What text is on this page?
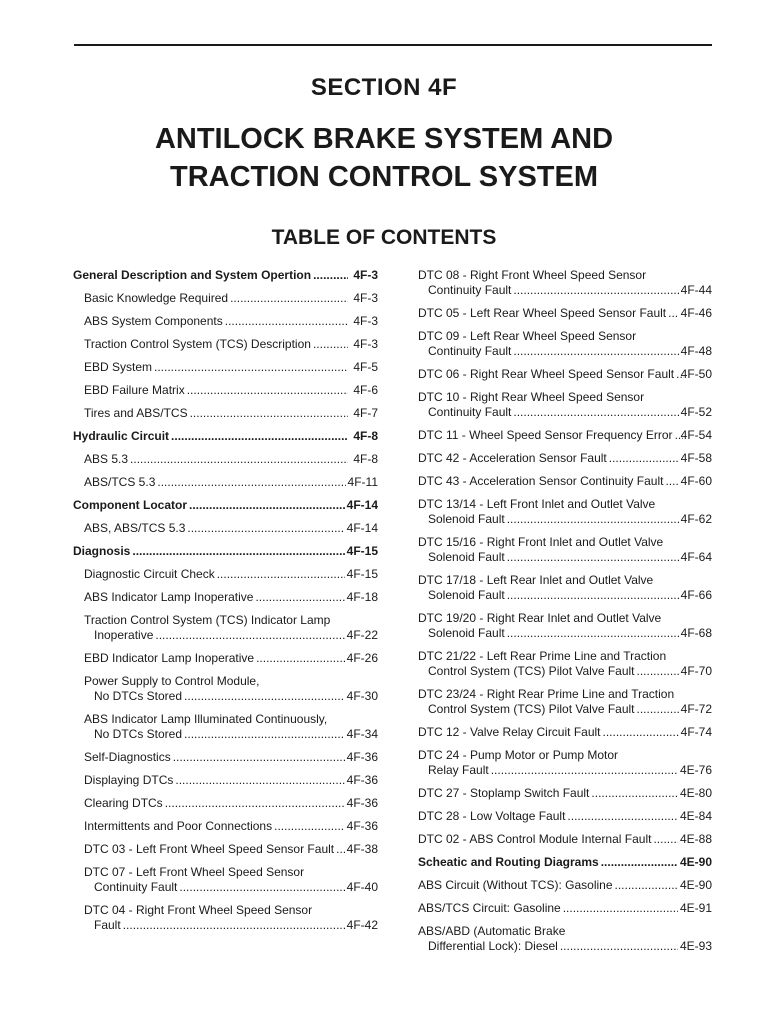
SECTION 4F
ANTILOCK BRAKE SYSTEM AND
TRACTION CONTROL SYSTEM
TABLE OF CONTENTS
General Description and System Opertion .....	4F-3
Basic Knowledge Required .....	4F-3
ABS System Components .....	4F-3
Traction Control System (TCS) Description .....	4F-3
EBD System .....	4F-5
EBD Failure Matrix .....	4F-6
Tires and ABS/TCS .....	4F-7
Hydraulic Circuit .....	4F-8
ABS 5.3 .....	4F-8
ABS/TCS 5.3 .....	4F-11
Component Locator .....	4F-14
ABS, ABS/TCS 5.3 .....	4F-14
Diagnosis .....	4F-15
Diagnostic Circuit Check .....	4F-15
ABS Indicator Lamp Inoperative .....	4F-18
Traction Control System (TCS) Indicator Lamp
Inoperative .....	4F-22
EBD Indicator Lamp Inoperative .....	4F-26
Power Supply to Control Module,
No DTCs Stored .....	4F-30
ABS Indicator Lamp Illuminated Continuously,
No DTCs Stored .....	4F-34
Self-Diagnostics .....	4F-36
Displaying DTCs .....	4F-36
Clearing DTCs .....	4F-36
Intermittents and Poor Connections .....	4F-36
DTC 03 - Left Front Wheel Speed Sensor Fault ..... 4F-38
DTC 07 - Left Front Wheel Speed Sensor
Continuity Fault .....	4F-40
DTC 04 - Right Front Wheel Speed Sensor
Fault .....	4F-42
DTC 08 - Right Front Wheel Speed Sensor
Continuity Fault .....	4F-44
DTC 05 - Left Rear Wheel Speed Sensor Fault ..... 4F-46
DTC 09 - Left Rear Wheel Speed Sensor
Continuity Fault .....	4F-48
DTC 06 - Right Rear Wheel Speed Sensor Fault ..... 4F-50
DTC 10 - Right Rear Wheel Speed Sensor
Continuity Fault .....	4F-52
DTC 11 - Wheel Speed Sensor Frequency Error ..... 4F-54
DTC 42 - Acceleration Sensor Fault .....	4F-58
DTC 43 - Acceleration Sensor Continuity Fault ..... 4F-60
DTC 13/14 - Left Front Inlet and Outlet Valve
Solenoid Fault .....	4F-62
DTC 15/16 - Right Front Inlet and Outlet Valve
Solenoid Fault .....	4F-64
DTC 17/18 - Left Rear Inlet and Outlet Valve
Solenoid Fault .....	4F-66
DTC 19/20 - Right Rear Inlet and Outlet Valve
Solenoid Fault .....	4F-68
DTC 21/22 - Left Rear Prime Line and Traction
Control System (TCS) Pilot Valve Fault .....	4F-70
DTC 23/24 - Right Rear Prime Line and Traction
Control System (TCS) Pilot Valve Fault .....	4F-72
DTC 12 - Valve Relay Circuit Fault .....	4F-74
DTC 24 - Pump Motor or Pump Motor
Relay Fault .....	4E-76
DTC 27 - Stoplamp Switch Fault .....	4E-80
DTC 28 - Low Voltage Fault .....	4E-84
DTC 02 - ABS Control Module Internal Fault ..... 4E-88
Scheatic and Routing Diagrams .....	4E-90
ABS Circuit (Without TCS): Gasoline .....	4E-90
ABS/TCS Circuit: Gasoline .....	4E-91
ABS/ABD (Automatic Brake
Differential Lock): Diesel .....	4E-93
